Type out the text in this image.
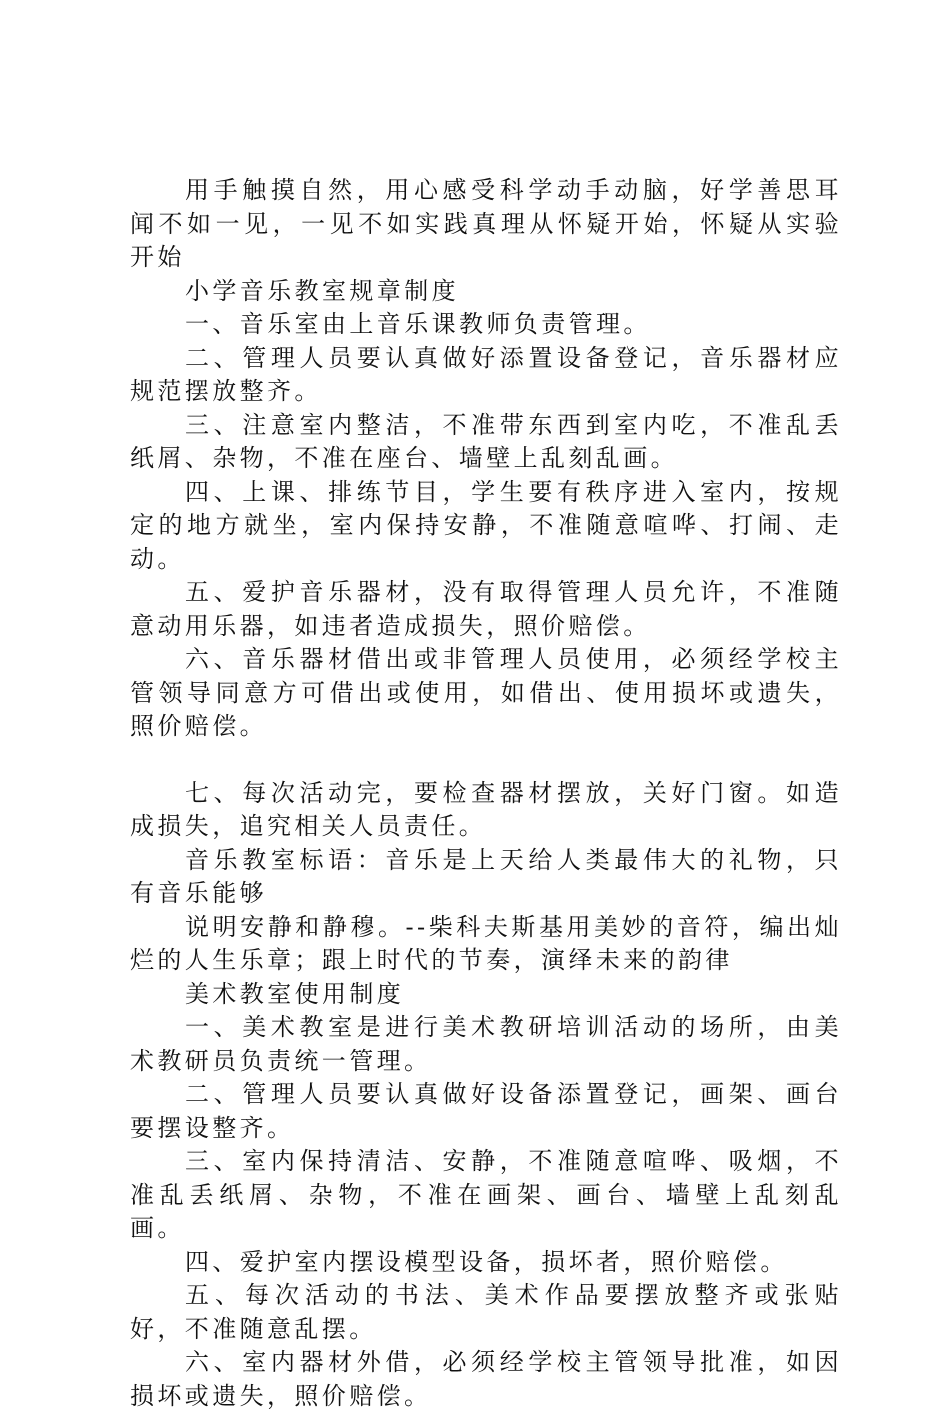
用手触摸自然，用心感受科学动手动脑，好学善思耳闻不如一见，一见不如实践真理从怀疑开始，怀疑从实验开始

小学音乐教室规章制度

一、音乐室由上音乐课教师负责管理。

二、管理人员要认真做好添置设备登记，音乐器材应规范摆放整齐。

三、注意室内整洁，不准带东西到室内吃，不准乱丢纸屑、杂物，不准在座台、墙壁上乱刻乱画。

四、上课、排练节目，学生要有秩序进入室内，按规定的地方就坐，室内保持安静，不准随意喧哗、打闹、走动。

五、爱护音乐器材，没有取得管理人员允许，不准随意动用乐器，如违者造成损失，照价赔偿。

六、音乐器材借出或非管理人员使用，必须经学校主管领导同意方可借出或使用，如借出、使用损坏或遗失，照价赔偿。

七、每次活动完，要检查器材摆放，关好门窗。如造成损失，追究相关人员责任。

音乐教室标语：音乐是上天给人类最伟大的礼物，只有音乐能够

说明安静和静穆。--柴科夫斯基用美妙的音符，编出灿烂的人生乐章；跟上时代的节奏，演绎未来的韵律

美术教室使用制度

一、美术教室是进行美术教研培训活动的场所，由美术教研员负责统一管理。

二、管理人员要认真做好设备添置登记，画架、画台要摆设整齐。

三、室内保持清洁、安静，不准随意喧哗、吸烟，不准乱丢纸屑、杂物，不准在画架、画台、墙壁上乱刻乱画。

四、爱护室内摆设模型设备，损坏者，照价赔偿。

五、每次活动的书法、美术作品要摆放整齐或张贴好，不准随意乱摆。

六、室内器材外借，必须经学校主管领导批准，如因损坏或遗失，照价赔偿。
